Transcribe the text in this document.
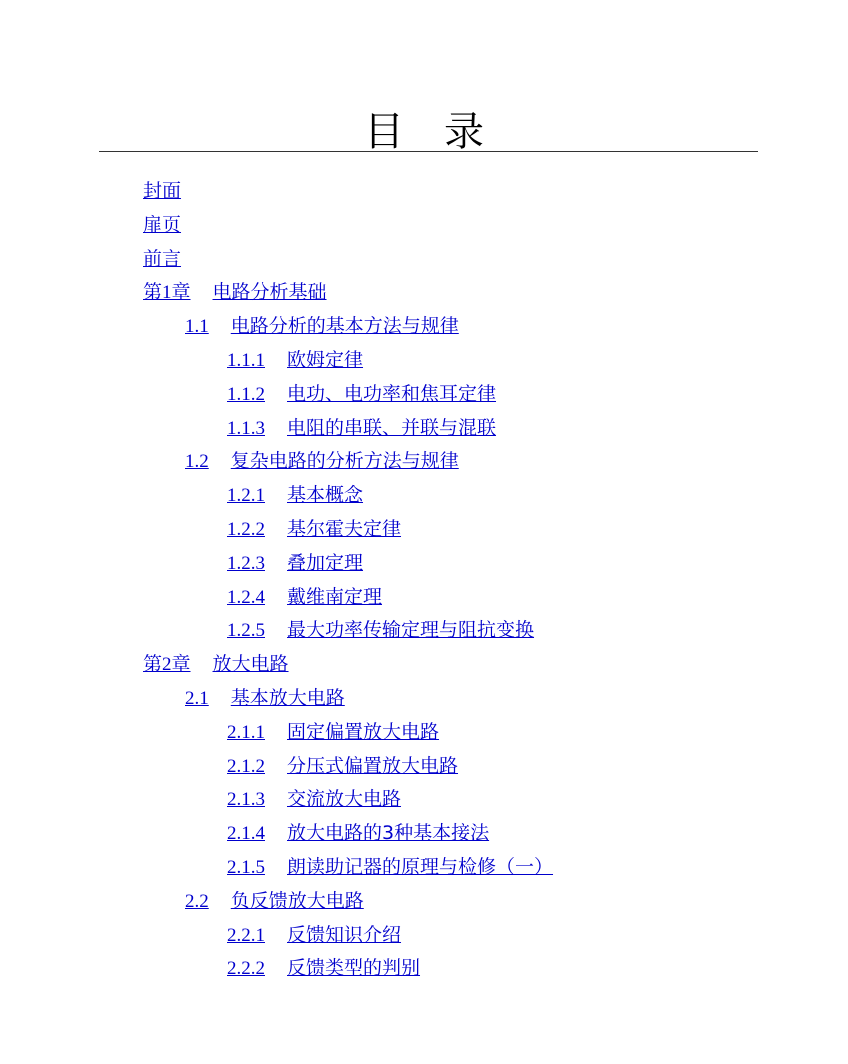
目　录
封面
扉页
前言
第1章 电路分析基础
1.1 电路分析的基本方法与规律
1.1.1 欧姆定律
1.1.2 电功、电功率和焦耳定律
1.1.3 电阻的串联、并联与混联
1.2 复杂电路的分析方法与规律
1.2.1 基本概念
1.2.2 基尔霍夫定律
1.2.3 叠加定理
1.2.4 戴维南定理
1.2.5 最大功率传输定理与阻抗变换
第2章 放大电路
2.1 基本放大电路
2.1.1 固定偏置放大电路
2.1.2 分压式偏置放大电路
2.1.3 交流放大电路
2.1.4 放大电路的3种基本接法
2.1.5 朗读助记器的原理与检修（一）
2.2 负反馈放大电路
2.2.1 反馈知识介绍
2.2.2 反馈类型的判别
